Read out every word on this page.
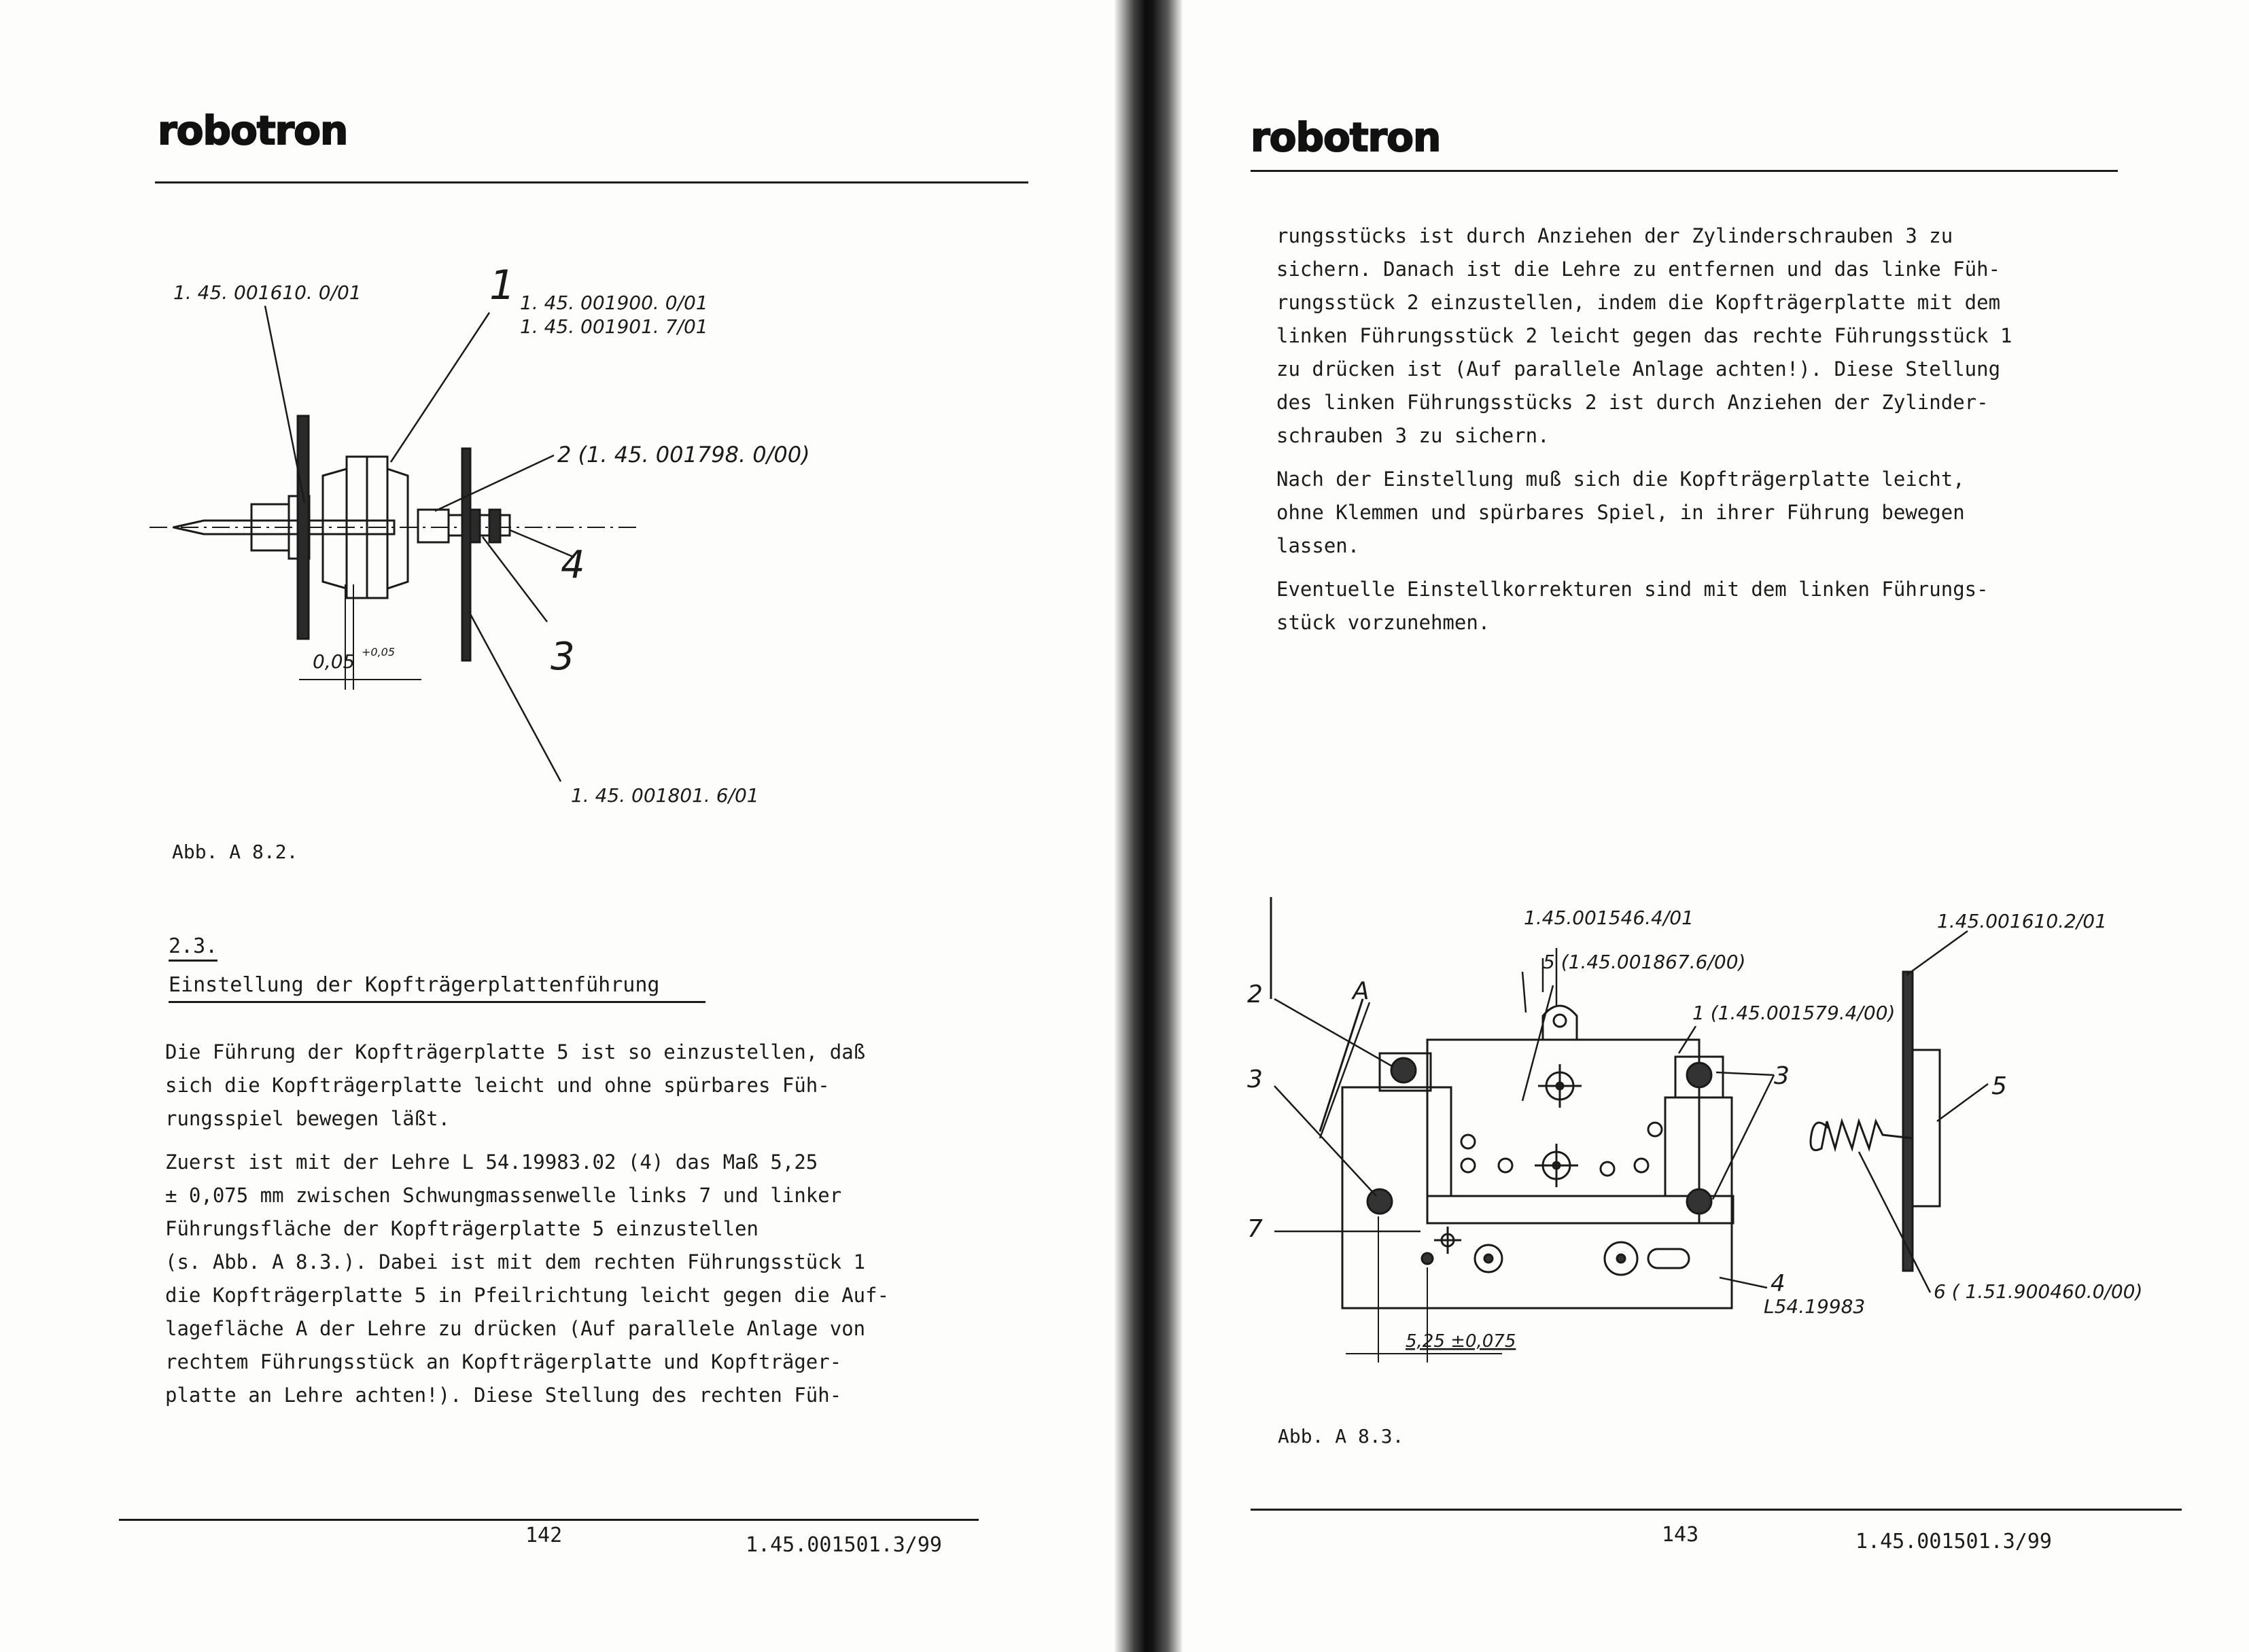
robotron
1. 45. 001610. 0/01	1 1. 45. 001900. 0/01
1. 45. 001901. 7/01
2 (1. 45. 001798. 0/00)
4
3
0,05 +0,05
1. 45. 001801. 6/01
Abb. A 8.2.
2.3.
Einstellung der Kopfträgerplattenführung
Die Führung der Kopfträgerplatte 5 ist so einzustellen, daß
sich die Kopfträgerplatte leicht und ohne spürbares Füh-
rungsspiel bewegen läßt.
Zuerst ist mit der Lehre L 54.19983.02 (4) das Maß 5,25
± 0,075 mm zwischen Schwungmassenwelle links 7 und linker
Führungsfläche der Kopfträgerplatte 5 einzustellen
(s. Abb. A 8.3.). Dabei ist mit dem rechten Führungsstück 1
die Kopfträgerplatte 5 in Pfeilrichtung leicht gegen die Auf-
lagefläche A der Lehre zu drücken (Auf parallele Anlage von
rechtem Führungsstück an Kopfträgerplatte und Kopfträger-
platte an Lehre achten!). Diese Stellung des rechten Füh-
142	1.45.001501.3/99
robotron
rungsstücks ist durch Anziehen der Zylinderschrauben 3 zu
sichern. Danach ist die Lehre zu entfernen und das linke Füh-
rungsstück 2 einzustellen, indem die Kopfträgerplatte mit dem
linken Führungsstück 2 leicht gegen das rechte Führungsstück 1
zu drücken ist (Auf parallele Anlage achten!). Diese Stellung
des linken Führungsstücks 2 ist durch Anziehen der Zylinder-
schrauben 3 zu sichern.
Nach der Einstellung muß sich die Kopfträgerplatte leicht,
ohne Klemmen und spürbares Spiel, in ihrer Führung bewegen
lassen.
Eventuelle Einstellkorrekturen sind mit dem linken Führungs-
stück vorzunehmen.
1.45.001546.4/01
5 (1.45.001867.6/00)
1 (1.45.001579.4/00)
2	A
3	3
7
4
L54.19983
5,25 ±0,075
1.45.001610.2/01
5
6 ( 1.51.900460.0/00)
Abb. A 8.3.
143	1.45.001501.3/99
